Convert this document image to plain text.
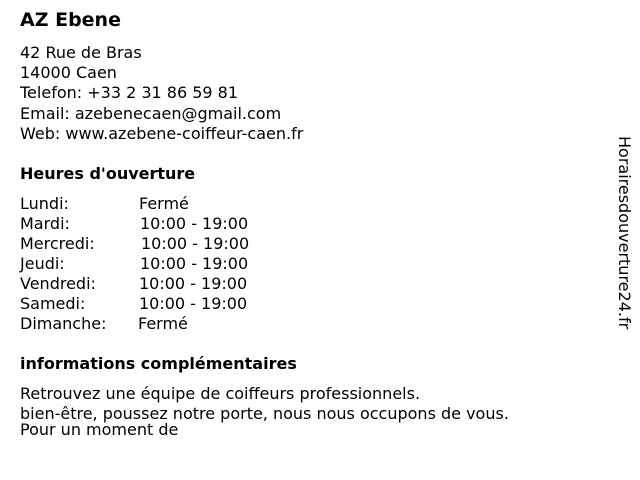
AZ Ebene
42 Rue de Bras
14000 Caen
Telefon: +33 2 31 86 59 81
Email: azebenecaen@gmail.com
Web: www.azebene-coiffeur-caen.fr
Heures d'ouverture
Lundi:	Fermé
Mardi:	10:00 - 19:00
Mercredi:	10:00 - 19:00
Jeudi:	10:00 - 19:00
Vendredi:	10:00 - 19:00
Samedi:	10:00 - 19:00
Dimanche: Fermé
informations complémentaires
Retrouvez une équipe de coiffeurs professionnels.
bien-être, poussez notre porte, nous nous occupons de vous.
Pour un moment de
Horairesdouverture24.fr
